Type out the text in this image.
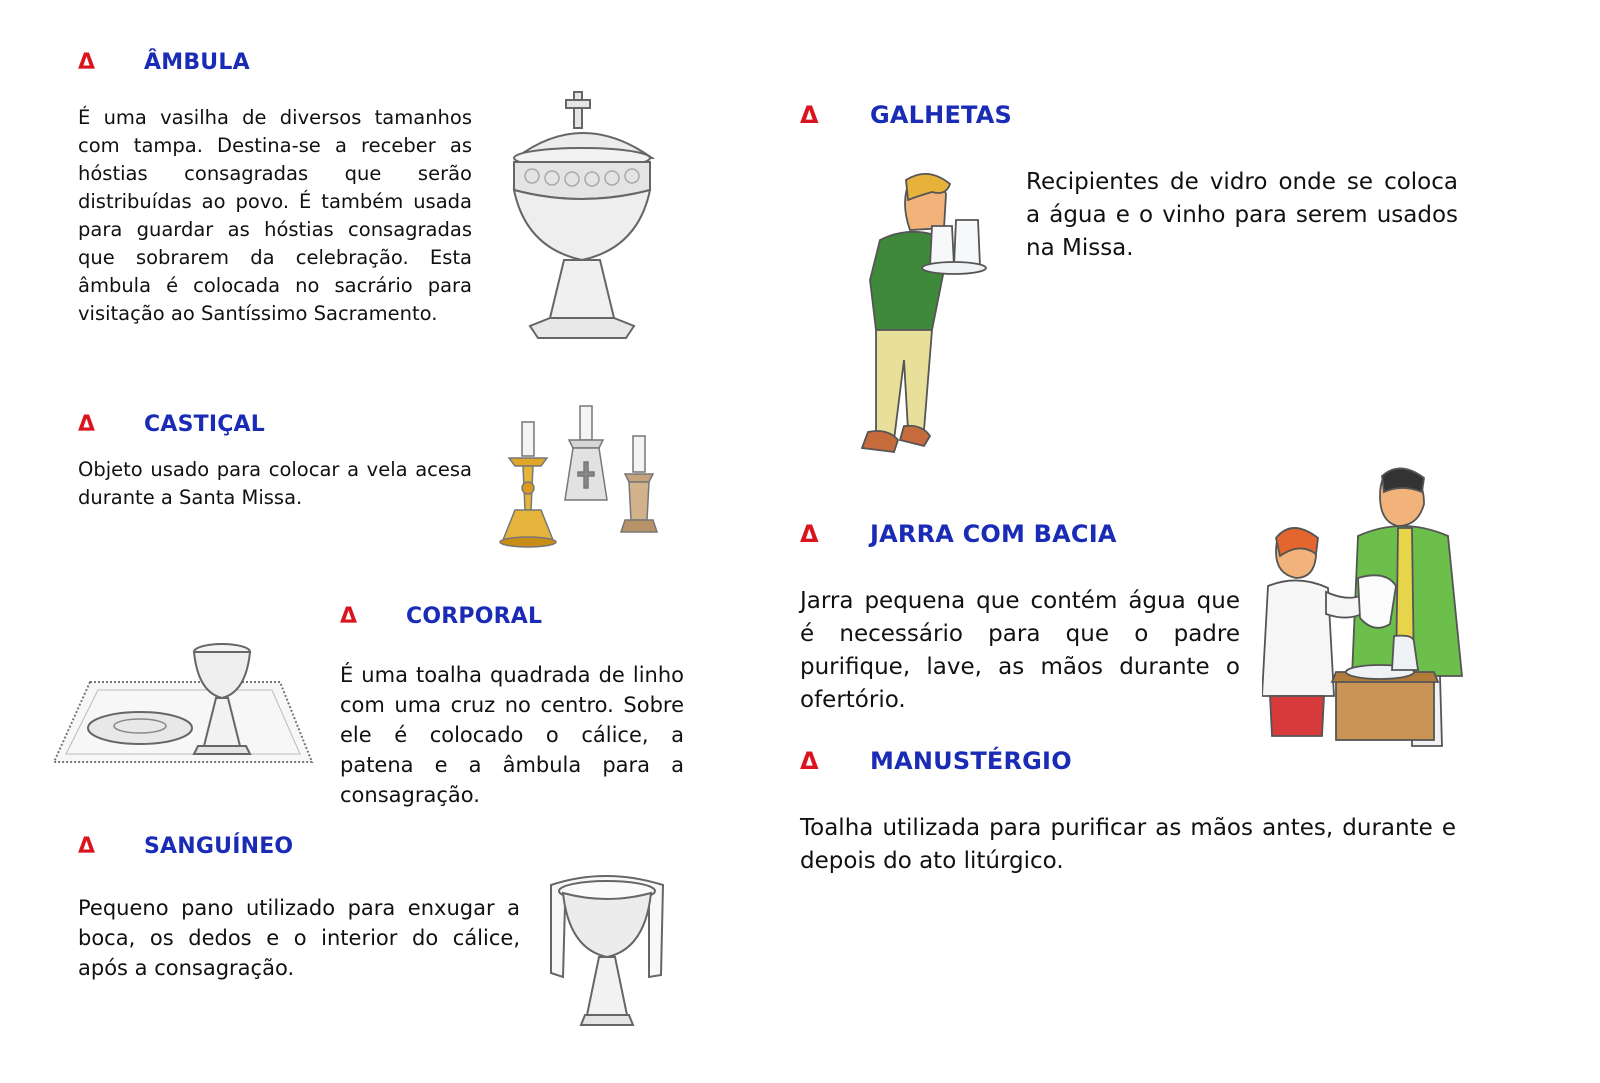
Δ	ÂMBULA

É uma vasilha de diversos tamanhos com tampa. Destina-se a receber as hóstias consagradas que serão distribuídas ao povo. É também usada para guardar as hóstias consagradas que sobrarem da celebração. Esta âmbula é colocada no sacrário para visitação ao Santíssimo Sacramento.

Δ	CASTIÇAL

Objeto usado para colocar a vela acesa durante a Santa Missa.

Δ	CORPORAL

É uma toalha quadrada de linho com uma cruz no centro. Sobre ele é colocado o cálice, a patena e a âmbula para a consagração.

Δ	SANGUÍNEO

Pequeno pano utilizado para enxugar a boca, os dedos e o interior do cálice, após a consagração.

Δ	GALHETAS

Recipientes de vidro onde se coloca a água e o vinho para serem usados na Missa.

Δ	JARRA COM BACIA

Jarra pequena que contém água que é necessário para que o padre purifique, lave, as mãos durante o ofertório.

Δ	MANUSTÉRGIO

Toalha utilizada para purificar as mãos antes, durante e depois do ato litúrgico.
